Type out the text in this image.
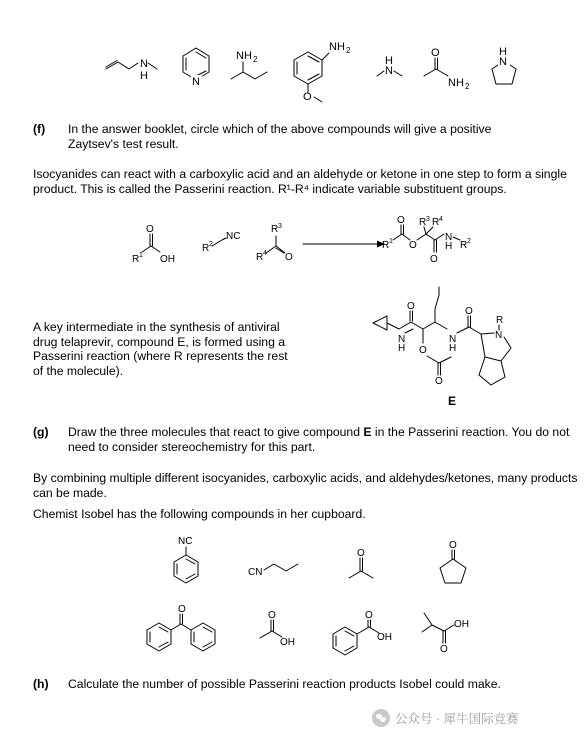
N
H	N
NH 2
NH 2
O
H
N
O
NH 2
H
N
(f) In the answer booklet, circle which of the above compounds will give a positive Zaytsev's test result.
Isocyanides can react with a carboxylic acid and an aldehyde or ketone in one step to form a single product. This is called the Passerini reaction. R¹-R⁴ indicate variable substituent groups.
O
R 1 OH
R 2
NC
R 3
R 4 O
R 1
O
O
R 3 R 4
O
N
H R 2
A key intermediate in the synthesis of antiviral drug telaprevir, compound E, is formed using a Passerini reaction (where R represents the rest of the molecule).
N
H
O
O
O
N
H
O
R
N
E
(g) Draw the three molecules that react to give compound E in the Passerini reaction. You do not need to consider stereochemistry for this part.
By combining multiple different isocyanides, carboxylic acids, and aldehydes/ketones, many products can be made.
Chemist Isobel has the following compounds in her cupboard.
NC
CN
O
O
O
O
OH
O
OH
O
OH
(h) Calculate the number of possible Passerini reaction products Isobel could make.
公众号 · 犀牛国际竞赛
